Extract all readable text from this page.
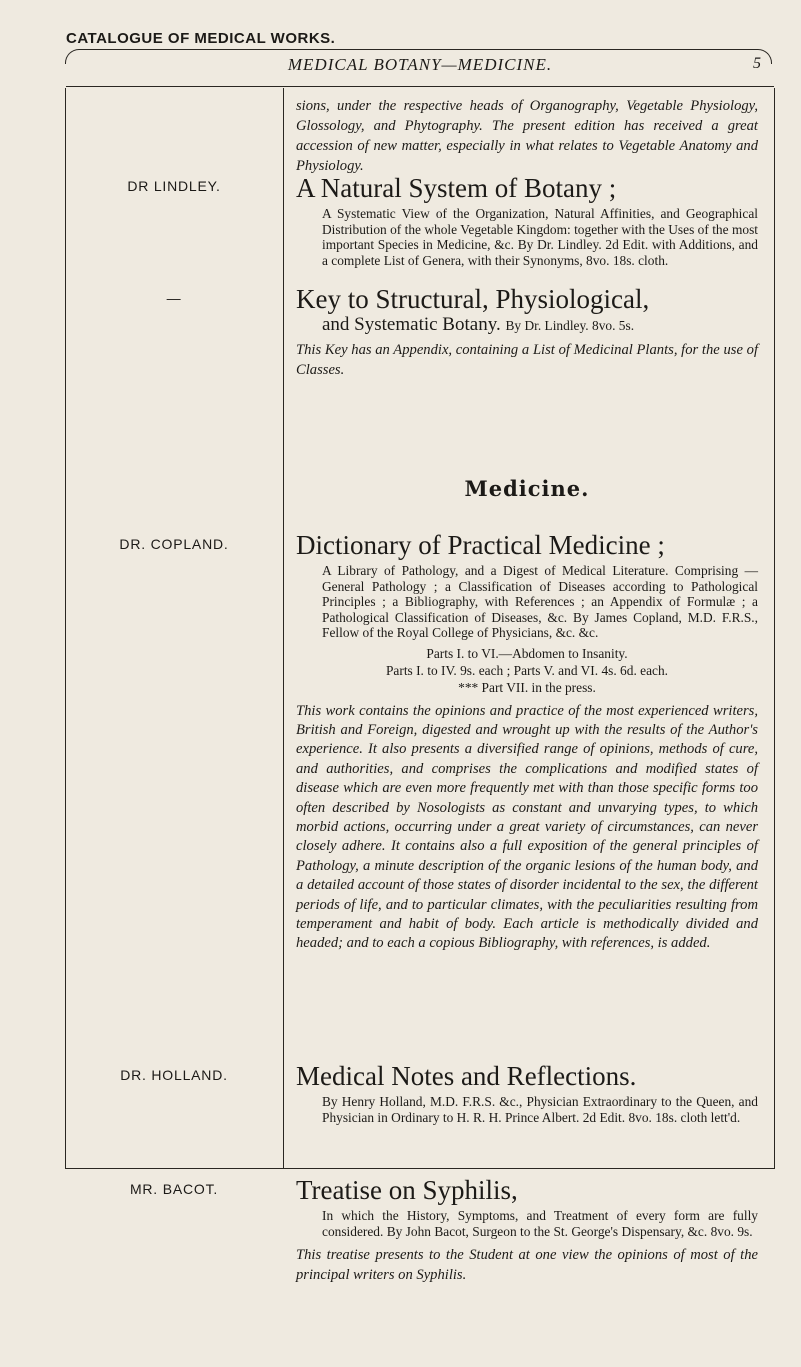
CATALOGUE OF MEDICAL WORKS.
MEDICAL BOTANY—MEDICINE.	5
DR LINDLEY.
—
DR. COPLAND.
DR. HOLLAND.
MR. BACOT.

sions, under the respective heads of Organography, Vegetable Physiology, Glossology, and Phytography. The present edition has received a great accession of new matter, especially in what relates to Vegetable Anatomy and Physiology.

A Natural System of Botany ;

A Systematic View of the Organization, Natural Affinities, and Geographical Distribution of the whole Vegetable Kingdom: together with the Uses of the most important Species in Medicine, &c. By Dr. Lindley. 2d Edit. with Additions, and a complete List of Genera, with their Synonyms, 8vo. 18s. cloth.

Key to Structural, Physiological,

and Systematic Botany. By Dr. Lindley. 8vo. 5s.

This Key has an Appendix, containing a List of Medicinal Plants, for the use of Classes.

Medicine.

Dictionary of Practical Medicine ;

A Library of Pathology, and a Digest of Medical Literature. Comprising — General Pathology ; a Classification of Diseases according to Pathological Principles ; a Bibliography, with References ; an Appendix of Formulæ ; a Pathological Classification of Diseases, &c. By James Copland, M.D. F.R.S., Fellow of the Royal College of Physicians, &c. &c.

Parts I. to VI.—Abdomen to Insanity.

Parts I. to IV. 9s. each ; Parts V. and VI. 4s. 6d. each.

*** Part VII. in the press.

This work contains the opinions and practice of the most experienced writers, British and Foreign, digested and wrought up with the results of the Author's experience. It also presents a diversified range of opinions, methods of cure, and authorities, and comprises the complications and modified states of disease which are even more frequently met with than those specific forms too often described by Nosologists as constant and unvarying types, to which morbid actions, occurring under a great variety of circumstances, can never closely adhere. It contains also a full exposition of the general principles of Pathology, a minute description of the organic lesions of the human body, and a detailed account of those states of disorder incidental to the sex, the different periods of life, and to particular climates, with the peculiarities resulting from temperament and habit of body. Each article is methodically divided and headed; and to each a copious Bibliography, with references, is added.

Medical Notes and Reflections.

By Henry Holland, M.D. F.R.S. &c., Physician Extraordinary to the Queen, and Physician in Ordinary to H. R. H. Prince Albert. 2d Edit. 8vo. 18s. cloth lett'd.

Treatise on Syphilis,

In which the History, Symptoms, and Treatment of every form are fully considered. By John Bacot, Surgeon to the St. George's Dispensary, &c. 8vo. 9s.

This treatise presents to the Student at one view the opinions of most of the principal writers on Syphilis.
